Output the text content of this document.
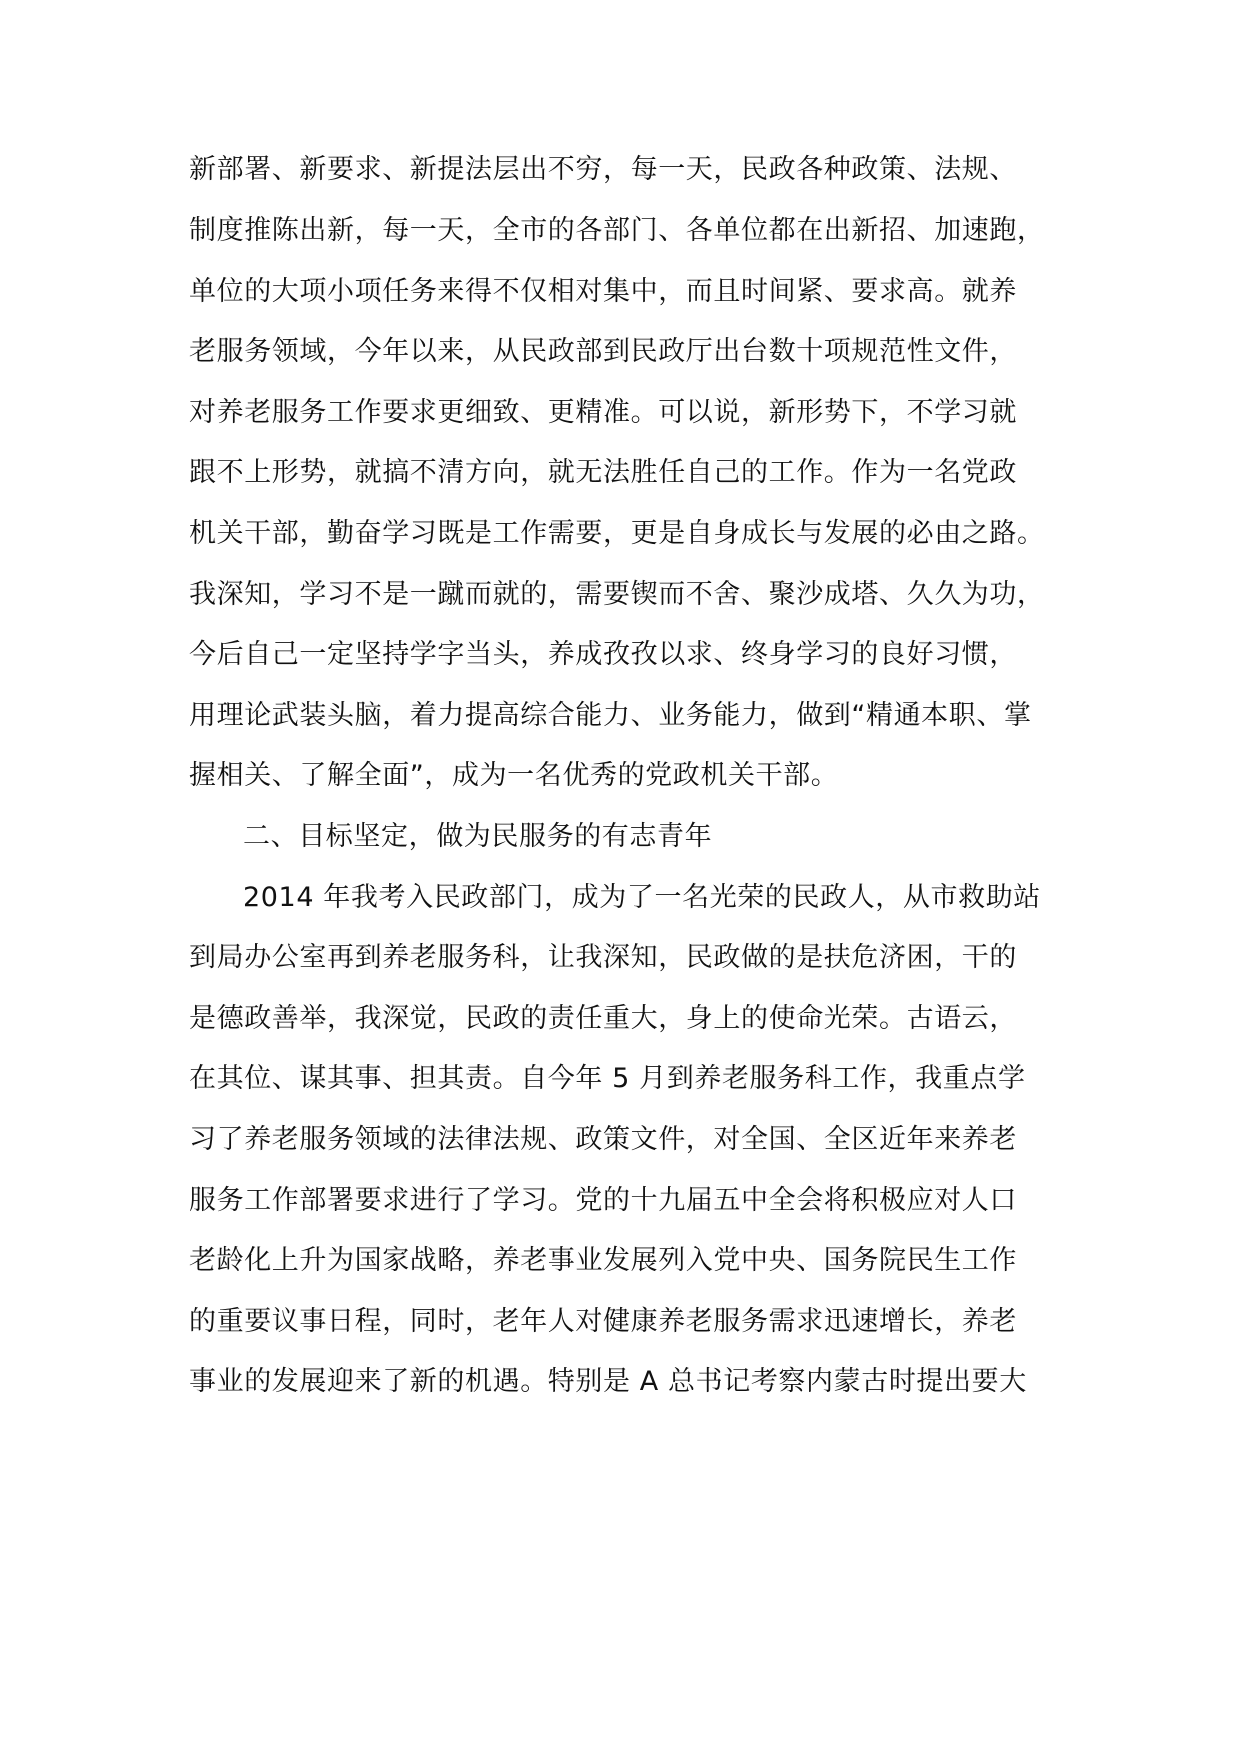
新部署、新要求、新提法层出不穷，每一天，民政各种政策、法规、

制度推陈出新，每一天，全市的各部门、各单位都在出新招、加速跑，

单位的大项小项任务来得不仅相对集中，而且时间紧、要求高。就养

老服务领域，今年以来，从民政部到民政厅出台数十项规范性文件，

对养老服务工作要求更细致、更精准。可以说，新形势下，不学习就

跟不上形势，就搞不清方向，就无法胜任自己的工作。作为一名党政

机关干部，勤奋学习既是工作需要，更是自身成长与发展的必由之路。

我深知，学习不是一蹴而就的，需要锲而不舍、聚沙成塔、久久为功，

今后自己一定坚持学字当头，养成孜孜以求、终身学习的良好习惯，

用理论武装头脑，着力提高综合能力、业务能力，做到“精通本职、掌

握相关、了解全面”，成为一名优秀的党政机关干部。

二、目标坚定，做为民服务的有志青年

2014 年我考入民政部门，成为了一名光荣的民政人，从市救助站

到局办公室再到养老服务科，让我深知，民政做的是扶危济困，干的

是德政善举，我深觉，民政的责任重大，身上的使命光荣。古语云，

在其位、谋其事、担其责。自今年 5 月到养老服务科工作，我重点学

习了养老服务领域的法律法规、政策文件，对全国、全区近年来养老

服务工作部署要求进行了学习。党的十九届五中全会将积极应对人口

老龄化上升为国家战略，养老事业发展列入党中央、国务院民生工作

的重要议事日程，同时，老年人对健康养老服务需求迅速增长，养老

事业的发展迎来了新的机遇。特别是 A 总书记考察内蒙古时提出要大
